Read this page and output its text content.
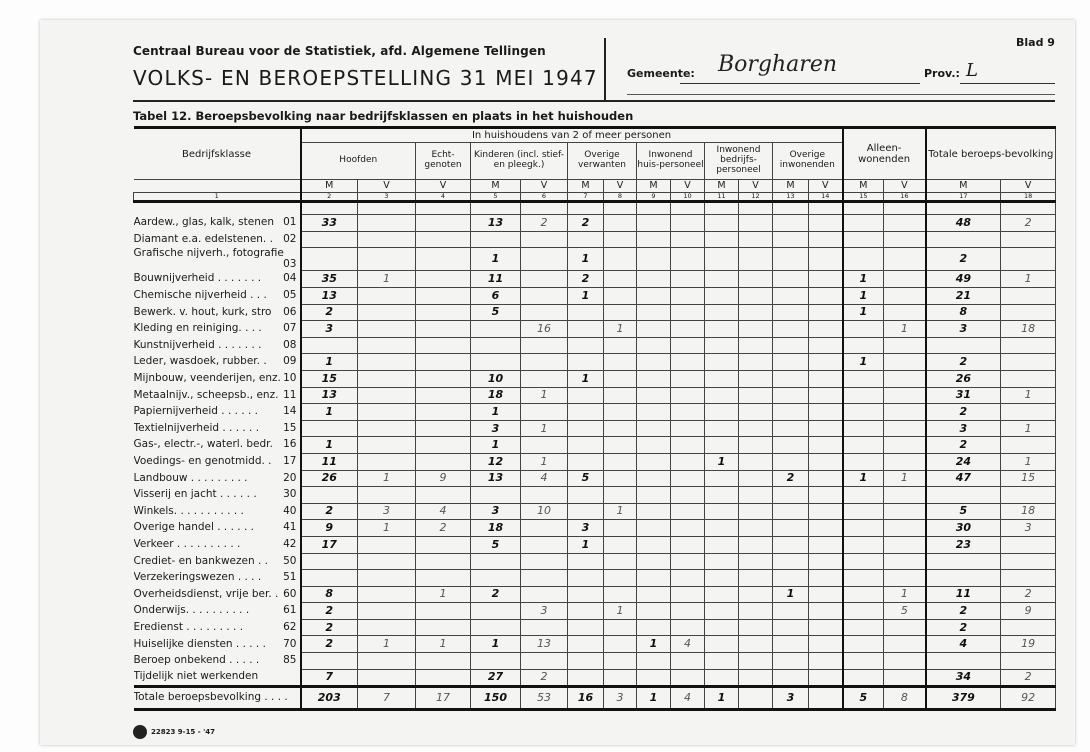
Centraal Bureau voor de Statistiek, afd. Algemene Tellingen
VOLKS- EN BEROEPSTELLING 31 MEI 1947
Blad 9
Gemeente: Borgharen	Prov.: L
Tabel 12. Beroepsbevolking naar bedrijfsklassen en plaats in het huishouden
Bedrijfsklasse	In huishoudens van 2 of meer personen													Alleen-wonenden		Totale beroeps-bevolking	
	Hoofden		Echt-genoten	Kinderen (incl. stief- en pleegk.)		Overige verwanten		Inwonend huis-personeel		Inwonend bedrijfs-personeel		Overige inwonenden					
	M	V	V	M	V	M	V	M	V	M	V	M	V	M	V	M	V
1	2	3	4	5	6	7	8	9	10	11	12	13	14	15	16	17	18

Aardew., glas, kalk, stenen 01	33			13	2	2										48	2
Diamant e.a. edelstenen. . 02																	

Grafische nijverh., fotografie
03				1		1										2	
Bouwnijverheid . . . . . . . 04	35	1		11		2								1		49	1
Chemische nijverheid . . . 05	13			6		1								1		21	
Bewerk. v. hout, kurk, stro 06	2			5										1		8	
Kleding en reiniging. . . . 07	3				16		1								1	3	18
Kunstnijverheid . . . . . . . 08																	

Leder, wasdoek, rubber. . 09	1													1		2	
Mijnbouw, veenderijen, enz. 10	15			10		1										26	
Metaalnijv., scheepsb., enz. 11	13			18	1											31	1
Papiernijverheid . . . . . . 14	1			1												2	
Textielnijverheid . . . . . . 15				3	1											3	1
Gas-, electr.-, waterl. bedr. 16	1			1												2	
Voedings- en genotmidd. . 17	11			12	1					1						24	1
Landbouw . . . . . . . . . 20	26	1	9	13	4	5						2		1	1	47	15
Visserij en jacht . . . . . . 30																	

Winkels. . . . . . . . . . . 40	2	3	4	3	10		1									5	18
Overige handel . . . . . . 41	9	1	2	18		3										30	3
Verkeer . . . . . . . . . . 42	17			5		1										23	
Crediet- en bankwezen . . 50																	

Verzekeringswezen . . . . 51																	

Overheidsdienst, vrije ber. . 60	8		1	2								1			1	11	2
Onderwijs. . . . . . . . . . 61	2				3		1								5	2	9
Eredienst . . . . . . . . . 62	2															2	
Huiselijke diensten . . . . . 70	2	1	1	1	13			1	4							4	19
Beroep onbekend . . . . . 85																	

Tijdelijk niet werkenden	7			27	2											34	2
Totale beroepsbevolking . . . .	203	7	17	150	53	16	3	1	4	1		3		5	8	379	92
22823 9-15 - '47
